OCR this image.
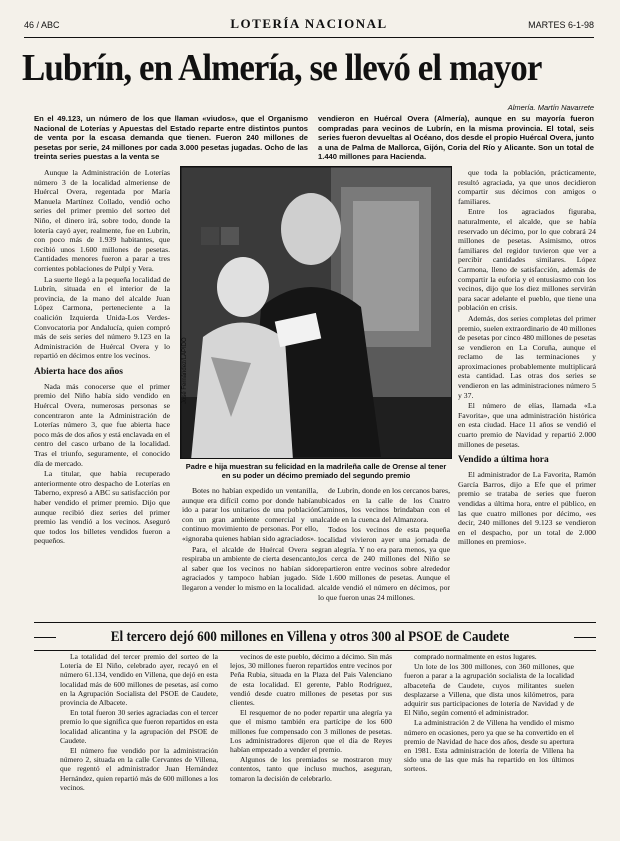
46 / ABC	LOTERÍA NACIONAL	MARTES 6-1-98
Lubrín, en Almería, se llevó el mayor
Almería. Martín Navarrete
En el 49.123, un número de los que llaman «viudos», que el Organismo Nacional de Loterías y Apuestas del Estado reparte entre distintos puntos de venta por la escasa demanda que tienen. Fueron 240 millones de pesetas por serie, 24 millones por cada 3.000 pesetas jugadas. Ocho de las treinta series puestas a la venta se
vendieron en Huércal Overa (Almería), aunque en su mayoría fueron compradas para vecinos de Lubrín, en la misma provincia. El total, seis series fueron devueltas al Océano, dos desde el propio Huércal Overa, junto a una de Palma de Mallorca, Gijón, Coria del Río y Alicante. Son un total de 1.440 millones para Hacienda.

Aunque la Administración de Loterías número 3 de la localidad almeriense de Huércal Overa, regentada por María Manuela Martínez Collado, vendió ocho series del primer premio del sorteo del Niño, el dinero irá, sobre todo, donde la lotería cayó ayer, realmente, fue en Lubrín, con poco más de 1.939 habitantes, que recibió unos 1.600 millones de pesetas. Cantidades menores fueron a parar a tres corrientes poblaciones de Pulpí y Vera.

La suerte llegó a la pequeña localidad de Lubrín, situada en el interior de la provincia, de la mano del alcalde Juan López Carmona, perteneciente a la coalición Izquierda Unida-Los Verdes-Convocatoria por Andalucía, quien compró más de seis series del número 9.123 en la Administración de Huércal Overa y lo repartió en décimos entre los vecinos.

Abierta hace dos años

Nada más conocerse que el primer premio del Niño había sido vendido en Huércal Overa, numerosas personas se concentraron ante la Administración de Loterías número 3, que fue abierta hace poco más de dos años y está enclavada en el centro del casco urbano de la localidad. Tras el triunfo, seguramente, el conocido día de mercado.

La titular, que había recuperado anteriormente otro despacho de Loterías en Taberno, expresó a ABC su satisfacción por haber vendido el primer premio. Dijo que aunque recibió diez series del primer premio las vendió a los vecinos. Aseguró que todos los billetes vendidos fueron a pequeños.

José Fernández/LAPIDO
Padre e hija muestran su felicidad en la madrileña calle de Orense al tener en su poder un décimo premiado del segundo premio

Botes no habían expedido un ventanilla, aunque era difícil como por donde habían ido a parar los unitarios de una población con un gran ambiente comercial y un continuo movimiento de personas. Por ello, «ignoraba quienes habían sido agraciados».

Para, el alcalde de Huércal Overa se respiraba un ambiente de cierta desencanto, al saber que los vecinos no habían sido agraciados y tampoco habían jugado. Sí llegaron a vender lo mismo en la localidad.

de Lubrín, donde en los cercanos bares, ubicados en la calle de los Cuatro Caminos, los vecinos brindaban con el alcalde en la cuenca del Almanzora.

Todos los vecinos de esta pequeña localidad vivieron ayer una jornada de gran alegría. Y no era para menos, ya que los cerca de 240 millones del Niño se repartieron entre vecinos sobre alrededor de 1.600 millones de pesetas. Aunque el alcalde vendió el número en décimos, por lo que fueron unas 24 millones.

que toda la población, prácticamente, resultó agraciada, ya que unos decidieron compartir sus décimos con amigos o familiares.

Entre los agraciados figuraba, naturalmente, el alcalde, que se había reservado un décimo, por lo que cobrará 24 millones de pesetas. Asimismo, otros familiares del regidor tuvieron que ver a percibir cantidades similares. López Carmona, lleno de satisfacción, además de compartir la euforia y el entusiasmo con los vecinos, dijo que los diez millones servirán para sacar adelante el pueblo, que tiene una población en crisis.

Además, dos series completas del primer premio, suelen extraordinario de 40 millones de pesetas por cinco 480 millones de pesetas se vendieron en La Coruña, aunque el reclamo de las terminaciones y aproximaciones probablemente multiplicará esta cantidad. Las otras dos series se vendieron en las administraciones número 5 y 37.

El número de elías, llamada «La Favorita», que una administración histórica en esta ciudad. Hace 11 años se vendió el cuarto premio de Navidad y repartió 2.000 millones de pesetas.

Vendido a última hora

El administrador de La Favorita, Ramón García Barros, dijo a Efe que el primer premio se trataba de series que fueron vendidas a última hora, entre el público, en las que cuatro millones por décimo, «es decir, 240 millones del 9.123 se vendieron en el despacho, por un total de 2.000 millones en premios».

El tercero dejó 600 millones en Villena y otros 300 al PSOE de Caudete

La totalidad del tercer premio del sorteo de la Lotería de El Niño, celebrado ayer, recayó en el número 61.134, vendido en Villena, que dejó en esta localidad más de 600 millones de pesetas, así como en la Agrupación Socialista del PSOE de Caudete, provincia de Albacete.

En total fueron 30 series agraciadas con el tercer premio lo que significa que fueron repartidos en esta localidad alicantina y la agrupación del PSOE de Caudete.

El número fue vendido por la administración número 2, situada en la calle Cervantes de Villena, que regentó el administrador Juan Hernández Hernández, quien repartió más de 600 millones a los vecinos.

vecinos de este pueblo, décimo a décimo. Sin más lejos, 30 millones fueron repartidos entre vecinos por Peña Rubia, situada en la Plaza del Pais Valenciano de esta localidad. El gerente, Pablo Rodríguez, vendió desde cuatro millones de pesetas por sus clientes.

El resquemor de no poder repartir una alegría ya que el mismo también era partícipe de los 600 millones fue compensado con 3 millones de pesetas. Los administradores dijeron que el día de Reyes habían empezado a vender el premio.

Algunos de los premiados se mostraron muy contentos, tanto que incluso muchos, aseguran, tomaron la decisión de celebrarlo.

comprado normalmente en estos lugares.

Un lote de los 300 millones, con 360 millones, que fueron a parar a la agrupación socialista de la localidad albaceteña de Caudete, cuyos militantes suelen desplazarse a Villena, que dista unos kilómetros, para adquirir sus participaciones de lotería de Navidad y de El Niño, según comentó el administrador.

La administración 2 de Villena ha vendido el mismo número en ocasiones, pero ya que se ha convertido en el premio de Navidad de hace dos años, desde su apertura en 1981. Esta administración de lotería de Villena ha sido una de las que más ha repartido en los últimos sorteos.
